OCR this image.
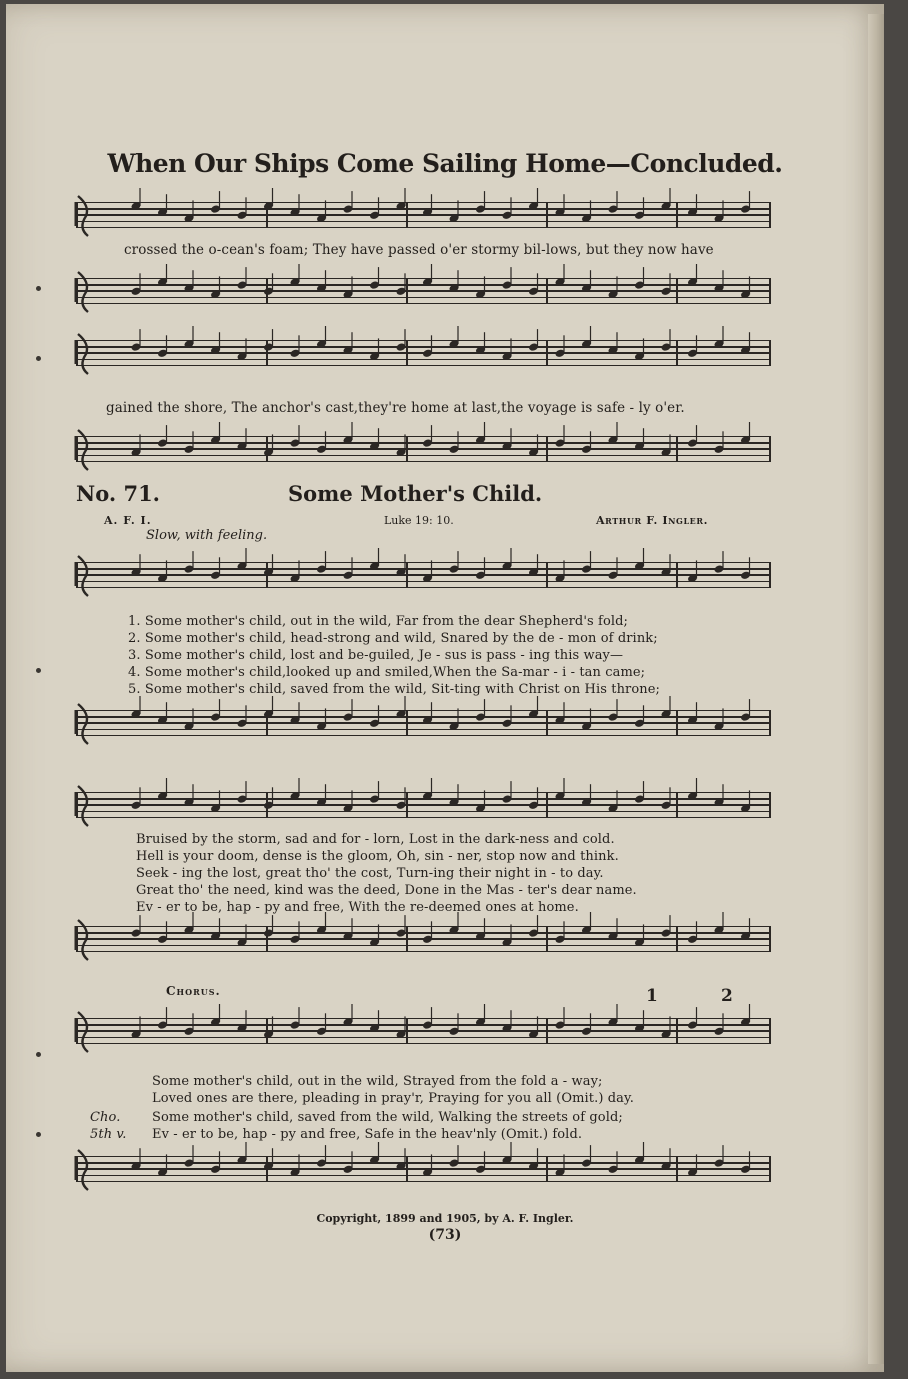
When Our Ships Come Sailing Home—Concluded.
crossed the o-cean's foam; They have passed o'er stormy bil-lows, but they now have
gained the shore, The anchor's cast,they're home at last,the voyage is safe - ly o'er.
No. 71.	Some Mother's Child.
A. F. I.	Luke 19: 10.	Arthur F. Ingler.
Slow, with feeling.
1. Some mother's child, out in the wild, Far from the dear Shepherd's fold;
2. Some mother's child, head-strong and wild, Snared by the de - mon of drink;
3. Some mother's child, lost and be-guiled, Je - sus is pass - ing this way—
4. Some mother's child,looked up and smiled,When the Sa-mar - i - tan came;
5. Some mother's child, saved from the wild, Sit-ting with Christ on His throne;
Bruised by the storm, sad and for - lorn, Lost in the dark-ness and cold.
Hell is your doom, dense is the gloom, Oh, sin - ner, stop now and think.
Seek - ing the lost, great tho' the cost, Turn-ing their night in - to day.
Great tho' the need, kind was the deed, Done in the Mas - ter's dear name.
Ev - er to be, hap - py and free, With the re-deemed ones at home.
Chorus.	1	2
Some mother's child, out in the wild, Strayed from the fold a - way;
Loved ones are there, pleading in pray'r, Praying for you all (Omit.) day.
Some mother's child, saved from the wild, Walking the streets of gold;
Ev - er to be, hap - py and free, Safe in the heav'nly (Omit.) fold.
Cho.
5th v.
Copyright, 1899 and 1905, by A. F. Ingler.
(73)
